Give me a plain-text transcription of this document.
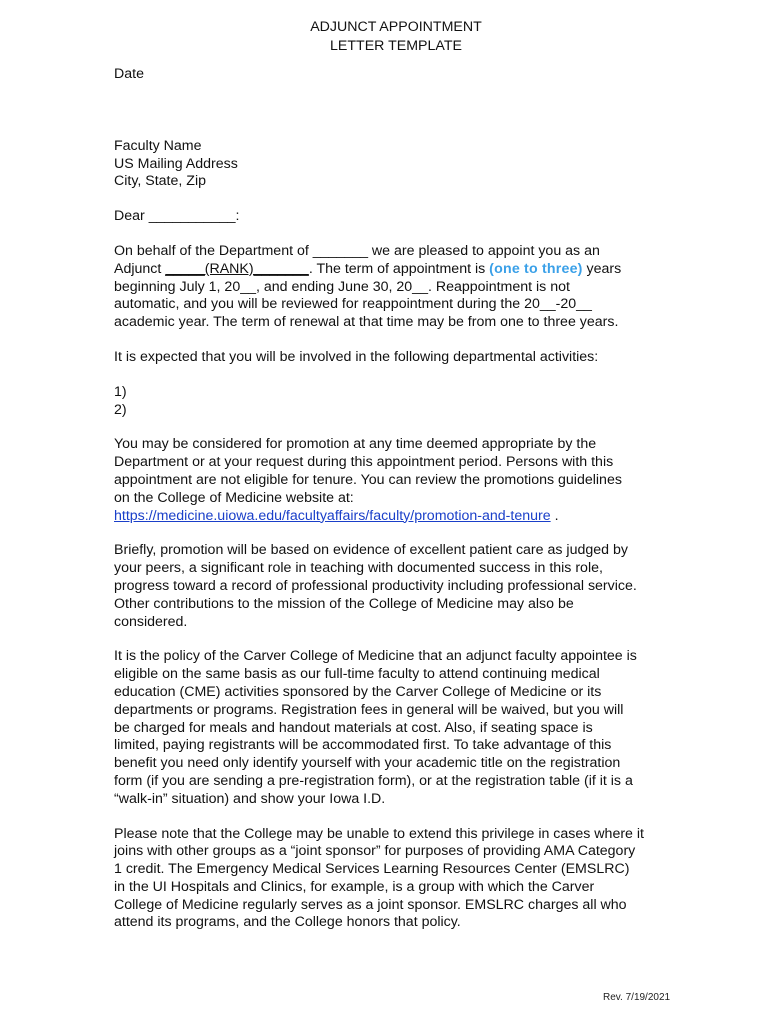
ADJUNCT APPOINTMENT
LETTER TEMPLATE

Date

Faculty Name
US Mailing Address
City, State, Zip

Dear ___________:

On behalf of the Department of _______ we are pleased to appoint you as an
Adjunct _____(RANK)_______. The term of appointment is (one to three) years
beginning July 1, 20__, and ending June 30, 20__. Reappointment is not
automatic, and you will be reviewed for reappointment during the 20__-20__
academic year. The term of renewal at that time may be from one to three years.

It is expected that you will be involved in the following departmental activities:

1)
2)
You may be considered for promotion at any time deemed appropriate by the
Department or at your request during this appointment period. Persons with this
appointment are not eligible for tenure. You can review the promotions guidelines
on the College of Medicine website at:
https://medicine.uiowa.edu/facultyaffairs/faculty/promotion-and-tenure .
Briefly, promotion will be based on evidence of excellent patient care as judged by
your peers, a significant role in teaching with documented success in this role,
progress toward a record of professional productivity including professional service.
Other contributions to the mission of the College of Medicine may also be
considered.
It is the policy of the Carver College of Medicine that an adjunct faculty appointee is
eligible on the same basis as our full-time faculty to attend continuing medical
education (CME) activities sponsored by the Carver College of Medicine or its
departments or programs. Registration fees in general will be waived, but you will
be charged for meals and handout materials at cost. Also, if seating space is
limited, paying registrants will be accommodated first. To take advantage of this
benefit you need only identify yourself with your academic title on the registration
form (if you are sending a pre-registration form), or at the registration table (if it is a
“walk-in” situation) and show your Iowa I.D.
Please note that the College may be unable to extend this privilege in cases where it
joins with other groups as a “joint sponsor” for purposes of providing AMA Category
1 credit. The Emergency Medical Services Learning Resources Center (EMSLRC)
in the UI Hospitals and Clinics, for example, is a group with which the Carver
College of Medicine regularly serves as a joint sponsor. EMSLRC charges all who
attend its programs, and the College honors that policy.
Rev. 7/19/2021
